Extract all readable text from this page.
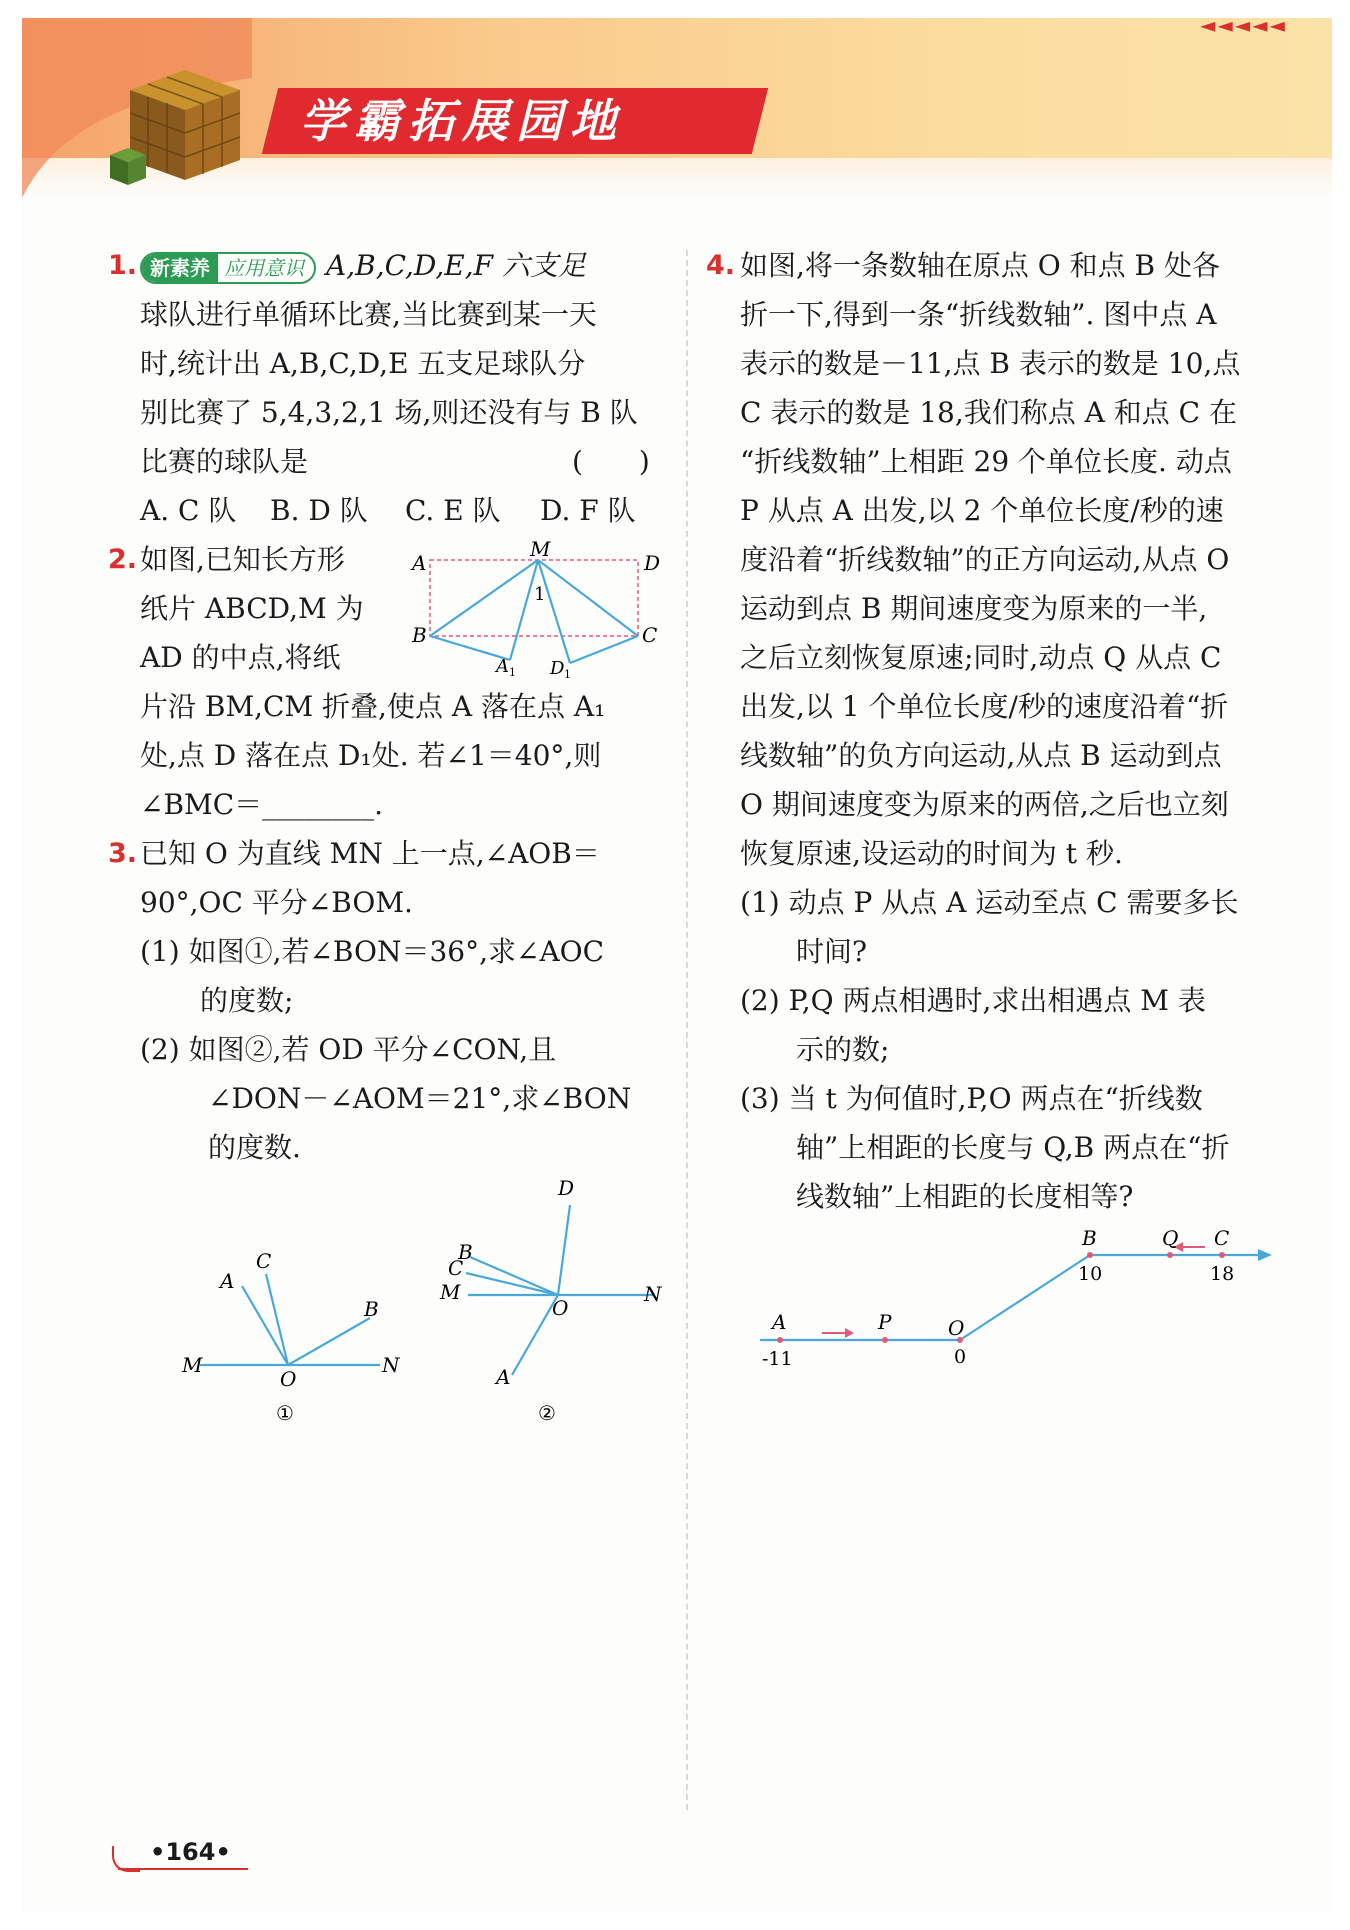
学霸拓展园地
◄◄◄◄◄
1. 新素养 应用意识 A,B,C,D,E,F 六支足
球队进行单循环比赛,当比赛到某一天
时,统计出 A,B,C,D,E 五支足球队分
别比赛了 5,4,3,2,1 场,则还没有与 B 队
比赛的球队是	(　　)
A. C 队 B. D 队 C. E 队 D. F 队
2. 如图,已知长方形
纸片 ABCD,M 为
AD 的中点,将纸
片沿 BM,CM 折叠,使点 A 落在点 A₁
处,点 D 落在点 D₁处. 若∠1＝40°,则
∠BMC＝________.
A
M
D
B	C
1
A 1 D 1
3. 已知 O 为直线 MN 上一点,∠AOB＝
90°,OC 平分∠BOM.
(1) 如图①,若∠BON＝36°,求∠AOC
的度数;
(2) 如图②,若 OD 平分∠CON,且
∠DON－∠AOM＝21°,求∠BON
的度数.
M	N
O
A
C
B
①
D
B
C
M
O
N
A
②
4. 如图,将一条数轴在原点 O 和点 B 处各
折一下,得到一条“折线数轴”. 图中点 A
表示的数是－11,点 B 表示的数是 10,点
C 表示的数是 18,我们称点 A 和点 C 在
“折线数轴”上相距 29 个单位长度. 动点
P 从点 A 出发,以 2 个单位长度/秒的速
度沿着“折线数轴”的正方向运动,从点 O
运动到点 B 期间速度变为原来的一半,
之后立刻恢复原速;同时,动点 Q 从点 C
出发,以 1 个单位长度/秒的速度沿着“折
线数轴”的负方向运动,从点 B 运动到点
O 期间速度变为原来的两倍,之后也立刻
恢复原速,设运动的时间为 t 秒.
(1) 动点 P 从点 A 运动至点 C 需要多长
时间?
(2) P,Q 两点相遇时,求出相遇点 M 表
示的数;
(3) 当 t 为何值时,P,O 两点在“折线数
轴”上相距的长度与 Q,B 两点在“折
线数轴”上相距的长度相等?
A
-11
P	O
0
B
10
Q C
18
•164•
